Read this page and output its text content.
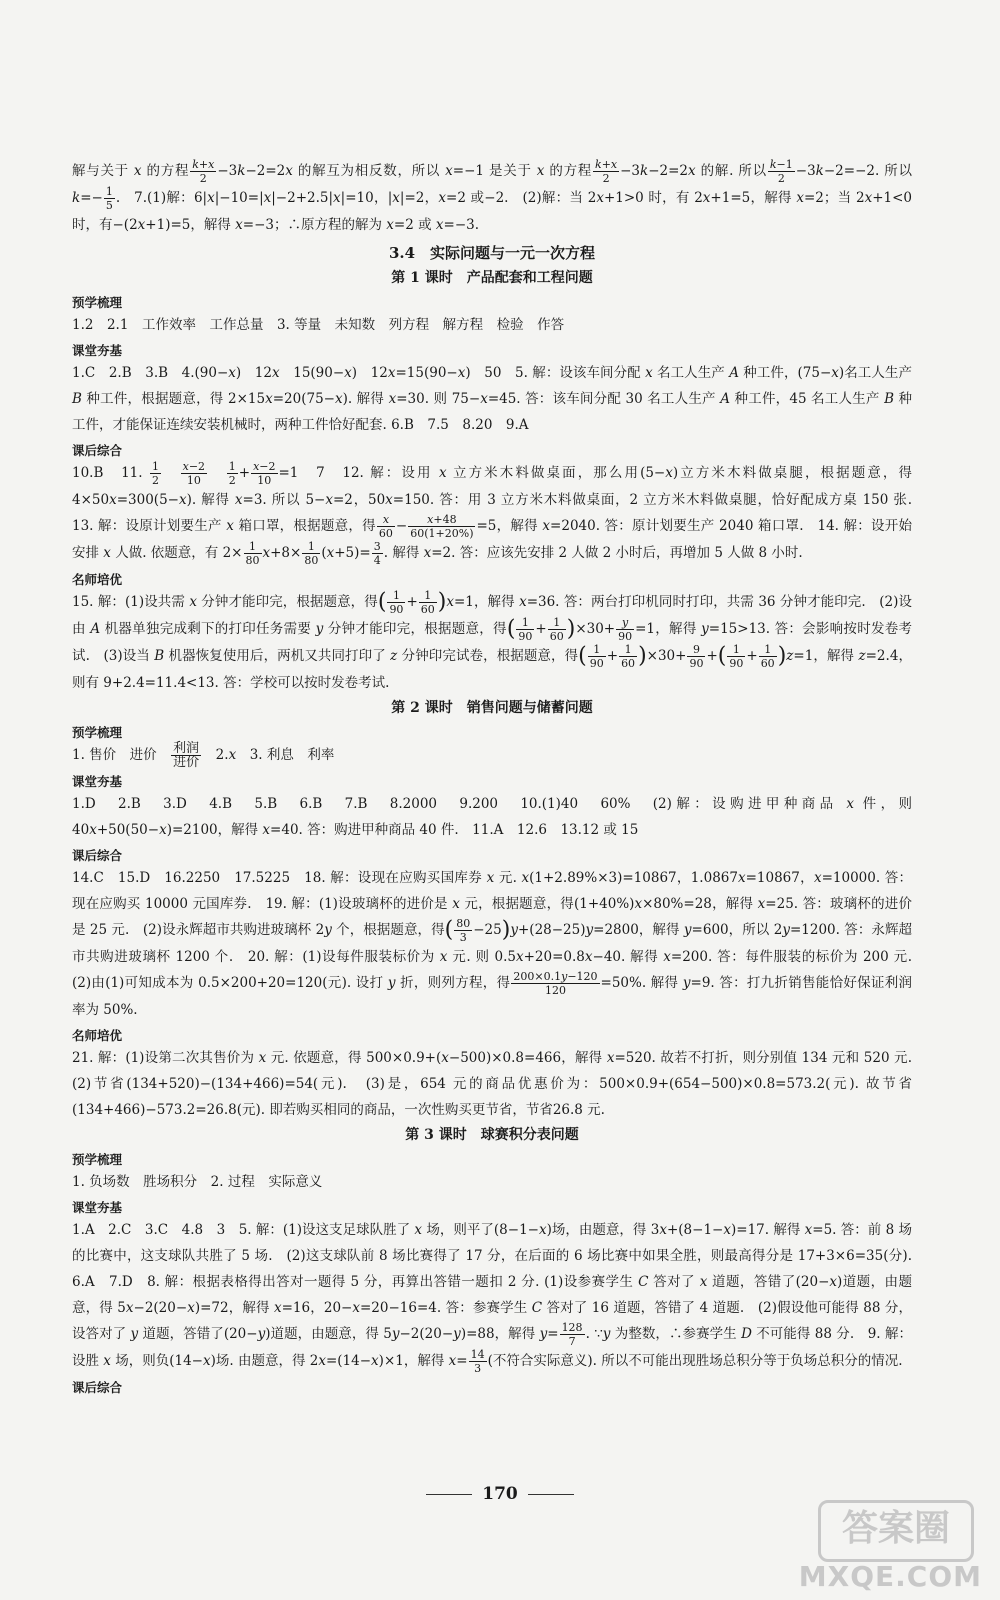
解与关于 x 的方程 $\frac{k+x}{2} -3k-2=2x$ 的解互为相反数，所以 x=−1 是关于 x 的方程 $\frac{k+x}{2} -3k-2=2x$ 的解. 所以 $\frac{k-1}{2} -3k-2=-2$. 所以 $k=- \frac{1}{5}$ .　7.(1)解：6|x|−10=|x|−2+2.5|x|=10，|x|=2，x=2 或−2.　(2)解：当 2x+1>0 时，有 2x+1=5，解得 x=2；当 2x+1<0 时，有−(2x+1)=5，解得 x=−3；∴原方程的解为 x=2 或 x=−3.

3.4　实际问题与一元一次方程
第 1 课时　产品配套和工程问题
预学梳理

1.2　2.1　工作效率　工作总量　3. 等量　未知数　列方程　解方程　检验　作答

课堂夯基

1.C　2.B　3.B　4.(90−x)　12x　15(90−x)　12x=15(90−x)　50　5. 解：设该车间分配 x 名工人生产 A 种工件，(75−x)名工人生产 B 种工件，根据题意，得 2×15x=20(75−x). 解得 x=30. 则 75−x=45. 答：该车间分配 30 名工人生产 A 种工件，45 名工人生产 B 种工件，才能保证连续安装机械时，两种工件恰好配套. 6.B　7.5　8.20　9.A

课后综合

10.B　11. $\frac{1}{2}$
　 $\frac{x-2}{10}$
　 $\frac{1}{2} + \frac{x-2}{10} =1$　7　12. 解：设用 x 立方米木料做桌面，那么用(5−x)立方米木料做桌腿，根据题意，得 4×50x=300(5−x). 解得 x=3. 所以 5−x=2，50x=150. 答：用 3 立方米木料做桌面，2 立方米木料做桌腿，恰好配成方桌 150 张.　13. 解：设原计划要生产 x 箱口罩，根据题意，得 $\frac{x}{60} - \frac{x+48}{60(1+20\%)} =5$，解得 x=2040. 答：原计划要生产 2040 箱口罩.　14. 解：设开始安排 x 人做. 依题意，有 $2\times \frac{1}{80} x+8\times \frac{1}{80} (x+5)= \frac{3}{4}$ . 解得 x=2. 答：应该先安排 2 人做 2 小时后，再增加 5 人做 8 小时.

名师培优

15. 解：(1)设共需 x 分钟才能印完，根据题意，得( $\frac{1}{90} + \frac{1}{60} )x=1$，解得 x=36. 答：两台打印机同时打印，共需 36 分钟才能印完.　(2)设由 A 机器单独完成剩下的打印任务需要 y 分钟才能印完，根据题意，得( $\frac{1}{90} + \frac{1}{60} )\times 30+ \frac{y}{90} =1$，解得 y=15>13. 答：会影响按时发卷考试.　(3)设当 B 机器恢复使用后，两机又共同打印了 z 分钟印完试卷，根据题意，得( $\frac{1}{90} + \frac{1}{60} )\times 30+ \frac{9}{90}$ +( $\frac{1}{90} + \frac{1}{60} )z=1$，解得 z=2.4，则有 9+2.4=11.4<13. 答：学校可以按时发卷考试.

第 2 课时　销售问题与储蓄问题
预学梳理

1. 售价　进价　 $\frac{\text{利润}}{\text{进价}}$ 　2.x　3. 利息　利率

课堂夯基

1.D　2.B　3.D　4.B　5.B　6.B　7.B　8.2000　9.200　10.(1)40　60%　(2)解：设购进甲种商品 x 件，则 40x+50(50−x)=2100，解得 x=40. 答：购进甲种商品 40 件.　11.A　12.6　13.12 或 15

课后综合

14.C　15.D　16.2250　17.5225　18. 解：设现在应购买国库券 x 元. x(1+2.89%×3)=10867，1.0867x=10867，x=10000. 答：现在应购买 10000 元国库券.　19. 解：(1)设玻璃杯的进价是 x 元，根据题意，得(1+40%)x×80%=28，解得 x=25. 答：玻璃杯的进价是 25 元.　(2)设永辉超市共购进玻璃杯 2y 个，根据题意，得( $\frac{80}{3} -25)y+(28-25)y=2800$，解得 y=600，所以 2y=1200. 答：永辉超市共购进玻璃杯 1200 个.　20. 解：(1)设每件服装标价为 x 元. 则 0.5x+20=0.8x−40. 解得 x=200. 答：每件服装的标价为 200 元.　(2)由(1)可知成本为 0.5×200+20=120(元). 设打 y 折，则列方程，得 $\frac{200\times 0.1y-120}{120} =50\%$. 解得 y=9. 答：打九折销售能恰好保证利润率为 50%.

名师培优

21. 解：(1)设第二次其售价为 x 元. 依题意，得 500×0.9+(x−500)×0.8=466，解得 x=520. 故若不打折，则分别值 134 元和 520 元.　(2)节省(134+520)−(134+466)=54(元).　(3)是，654 元的商品优惠价为：500×0.9+(654−500)×0.8=573.2(元). 故节省(134+466)−573.2=26.8(元). 即若购买相同的商品，一次性购买更节省，节省26.8 元.

第 3 课时　球赛积分表问题
预学梳理

1. 负场数　胜场积分　2. 过程　实际意义

课堂夯基

1.A　2.C　3.C　4.8　3　5. 解：(1)设这支足球队胜了 x 场，则平了(8−1−x)场，由题意，得 3x+(8−1−x)=17. 解得 x=5. 答：前 8 场的比赛中，这支球队共胜了 5 场.　(2)这支球队前 8 场比赛得了 17 分，在后面的 6 场比赛中如果全胜，则最高得分是 17+3×6=35(分).　6.A　7.D　8. 解：根据表格得出答对一题得 5 分，再算出答错一题扣 2 分. (1)设参赛学生 C 答对了 x 道题，答错了(20−x)道题，由题意，得 5x−2(20−x)=72，解得 x=16，20−x=20−16=4. 答：参赛学生 C 答对了 16 道题，答错了 4 道题.　(2)假设他可能得 88 分，设答对了 y 道题，答错了(20−y)道题，由题意，得 5y−2(20−y)=88，解得 $y= \frac{128}{7}$ . ∵y 为整数，∴参赛学生 D 不可能得 88 分.　9. 解：设胜 x 场，则负(14−x)场. 由题意，得 2x=(14−x)×1，解得 $x= \frac{14}{3}$ (不符合实际意义). 所以不可能出现胜场总积分等于负场总积分的情况.

课后综合
170
答案圈
MXQE.COM
